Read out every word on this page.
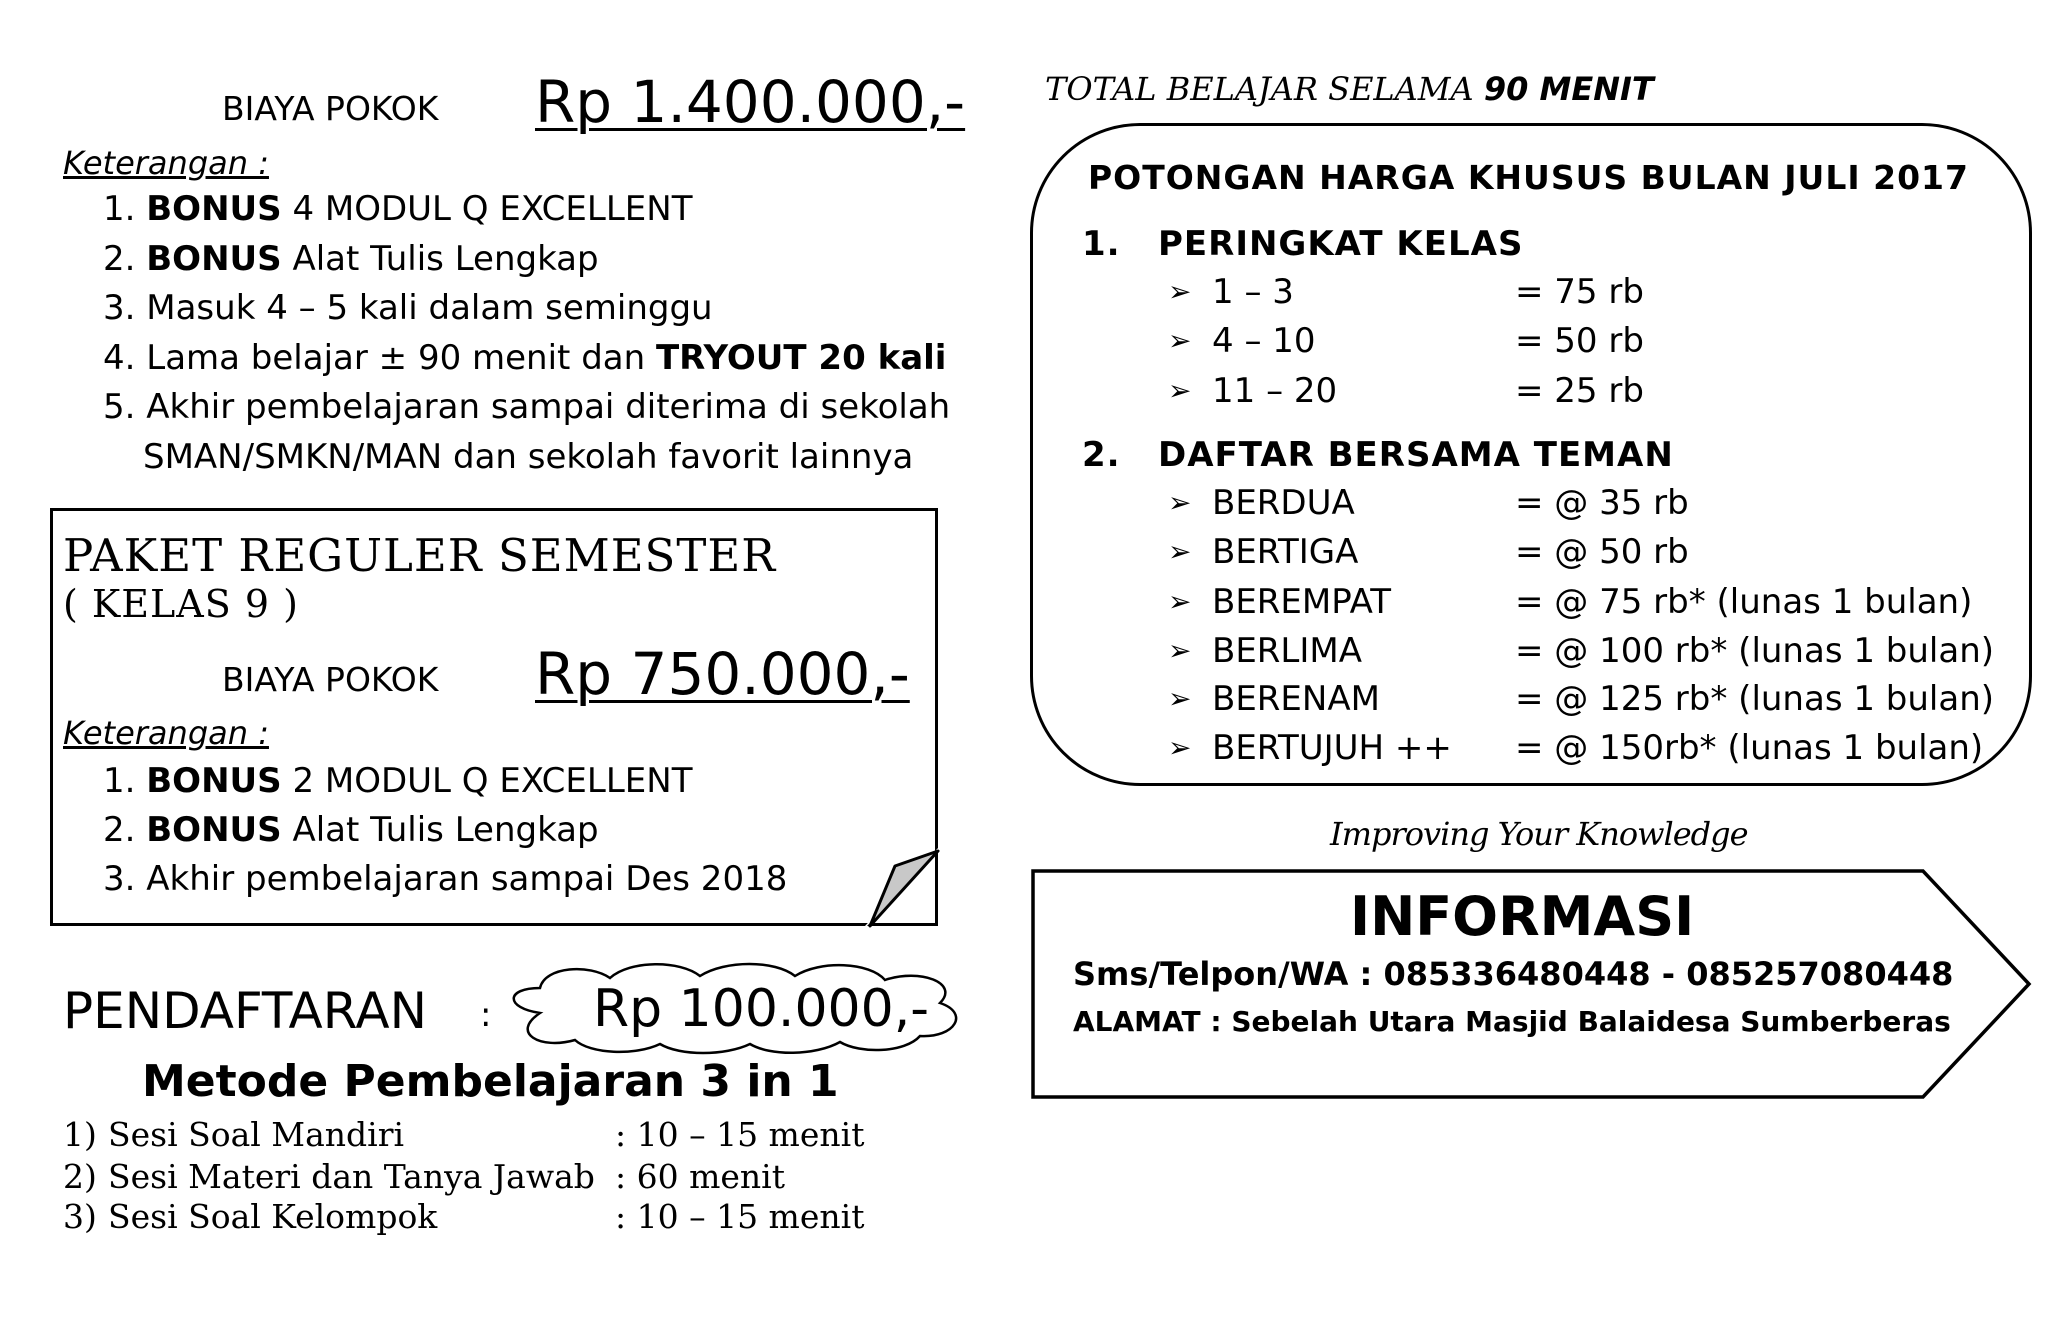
BIAYA POKOK Rp 1.400.000,-
Keterangan :
1. BONUS 4 MODUL Q EXCELLENT
2. BONUS Alat Tulis Lengkap
3. Masuk 4 – 5 kali dalam seminggu
4. Lama belajar ± 90 menit dan TRYOUT 20 kali
5. Akhir pembelajaran sampai diterima di sekolah
SMAN/SMKN/MAN dan sekolah favorit lainnya
PAKET REGULER SEMESTER
( KELAS 9 )
BIAYA POKOK Rp 750.000,-
Keterangan :
1. BONUS 2 MODUL Q EXCELLENT
2. BONUS Alat Tulis Lengkap
3. Akhir pembelajaran sampai Des 2018
PENDAFTARAN : Rp 100.000,-
Metode Pembelajaran 3 in 1
1) Sesi Soal Mandiri	: 10 – 15 menit
2) Sesi Materi dan Tanya Jawab : 60 menit
3) Sesi Soal Kelompok	: 10 – 15 menit
TOTAL BELAJAR SELAMA 90 MENIT
POTONGAN HARGA KHUSUS BULAN JULI 2017
1. PERINGKAT KELAS
➢ 1 – 3	= 75 rb
➢ 4 – 10	= 50 rb
➢ 11 – 20	= 25 rb
2. DAFTAR BERSAMA TEMAN
➢ BERDUA	= @ 35 rb
➢ BERTIGA	= @ 50 rb
➢ BEREMPAT	= @ 75 rb* (lunas 1 bulan)
➢ BERLIMA	= @ 100 rb* (lunas 1 bulan)
➢ BERENAM	= @ 125 rb* (lunas 1 bulan)
➢ BERTUJUH ++ = @ 150rb* (lunas 1 bulan)
Improving Your Knowledge
INFORMASI
Sms/Telpon/WA : 085336480448 - 085257080448
ALAMAT : Sebelah Utara Masjid Balaidesa Sumberberas
